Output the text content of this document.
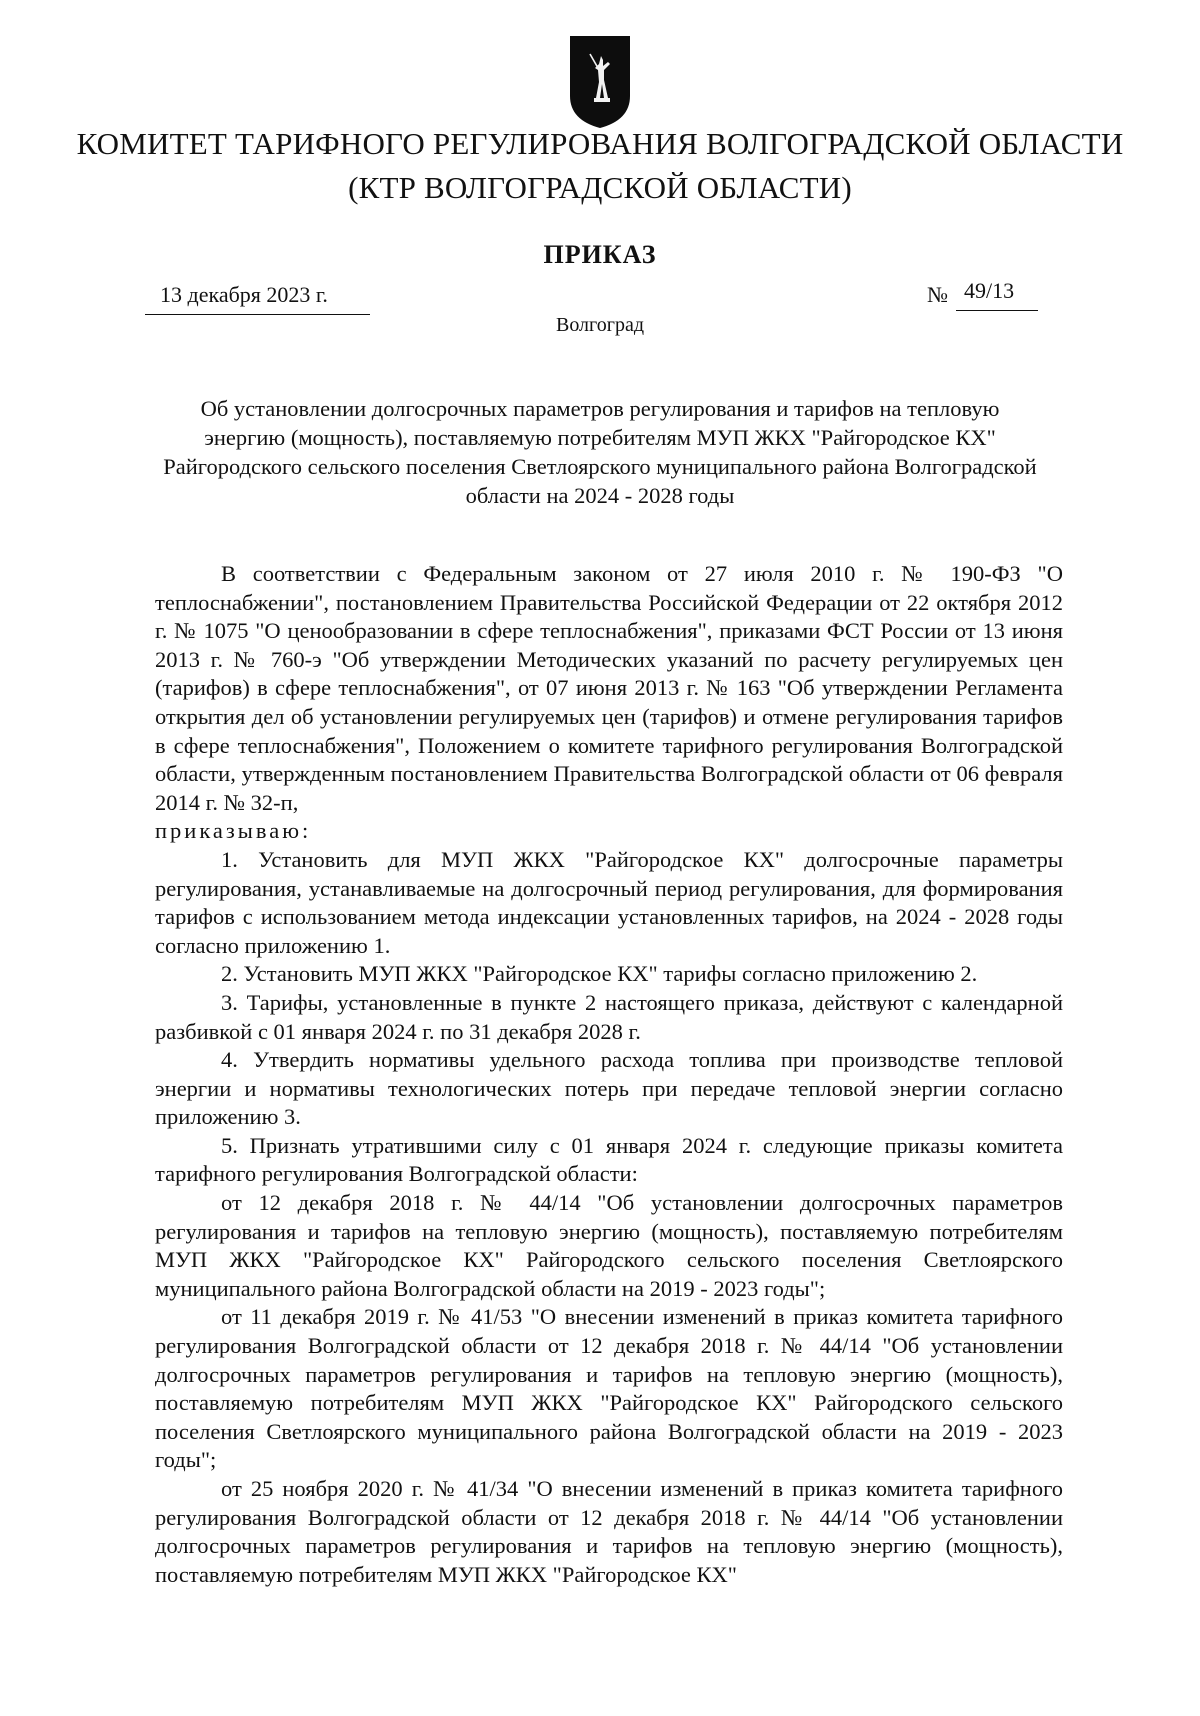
КОМИТЕТ ТАРИФНОГО РЕГУЛИРОВАНИЯ ВОЛГОГРАДСКОЙ ОБЛАСТИ
(КТР ВОЛГОГРАДСКОЙ ОБЛАСТИ)
ПРИКАЗ
13 декабря 2023 г.	№ 49/13
Волгоград
Об установлении долгосрочных параметров регулирования и тарифов на тепловую энергию (мощность), поставляемую потребителям МУП ЖКХ "Райгородское КХ" Райгородского сельского поселения Светлоярского муниципального района Волгоградской области на 2024 - 2028 годы

В соответствии с Федеральным законом от 27 июля 2010 г. № 190-ФЗ "О теплоснабжении", постановлением Правительства Российской Федерации от 22 октября 2012 г. № 1075 "О ценообразовании в сфере теплоснабжения", приказами ФСТ России от 13 июня 2013 г. № 760-э "Об утверждении Методических указаний по расчету регулируемых цен (тарифов) в сфере теплоснабжения", от 07 июня 2013 г. № 163 "Об утверждении Регламента открытия дел об установлении регулируемых цен (тарифов) и отмене регулирования тарифов в сфере теплоснабжения", Положением о комитете тарифного регулирования Волгоградской области, утвержденным постановлением Правительства Волгоградской области от 06 февраля 2014 г. № 32-п,

приказываю:

1. Установить для МУП ЖКХ "Райгородское КХ" долгосрочные параметры регулирования, устанавливаемые на долгосрочный период регулирования, для формирования тарифов с использованием метода индексации установленных тарифов, на 2024 - 2028 годы согласно приложению 1.

2. Установить МУП ЖКХ "Райгородское КХ" тарифы согласно приложению 2.

3. Тарифы, установленные в пункте 2 настоящего приказа, действуют с календарной разбивкой с 01 января 2024 г. по 31 декабря 2028 г.

4. Утвердить нормативы удельного расхода топлива при производстве тепловой энергии и нормативы технологических потерь при передаче тепловой энергии согласно приложению 3.

5. Признать утратившими силу с 01 января 2024 г. следующие приказы комитета тарифного регулирования Волгоградской области:

от 12 декабря 2018 г. № 44/14 "Об установлении долгосрочных параметров регулирования и тарифов на тепловую энергию (мощность), поставляемую потребителям МУП ЖКХ "Райгородское КХ" Райгородского сельского поселения Светлоярского муниципального района Волгоградской области на 2019 - 2023 годы";

от 11 декабря 2019 г. № 41/53 "О внесении изменений в приказ комитета тарифного регулирования Волгоградской области от 12 декабря 2018 г. № 44/14 "Об установлении долгосрочных параметров регулирования и тарифов на тепловую энергию (мощность), поставляемую потребителям МУП ЖКХ "Райгородское КХ" Райгородского сельского поселения Светлоярского муниципального района Волгоградской области на 2019 - 2023 годы";

от 25 ноября 2020 г. № 41/34 "О внесении изменений в приказ комитета тарифного регулирования Волгоградской области от 12 декабря 2018 г. № 44/14 "Об установлении долгосрочных параметров регулирования и тарифов на тепловую энергию (мощность), поставляемую потребителям МУП ЖКХ "Райгородское КХ"
